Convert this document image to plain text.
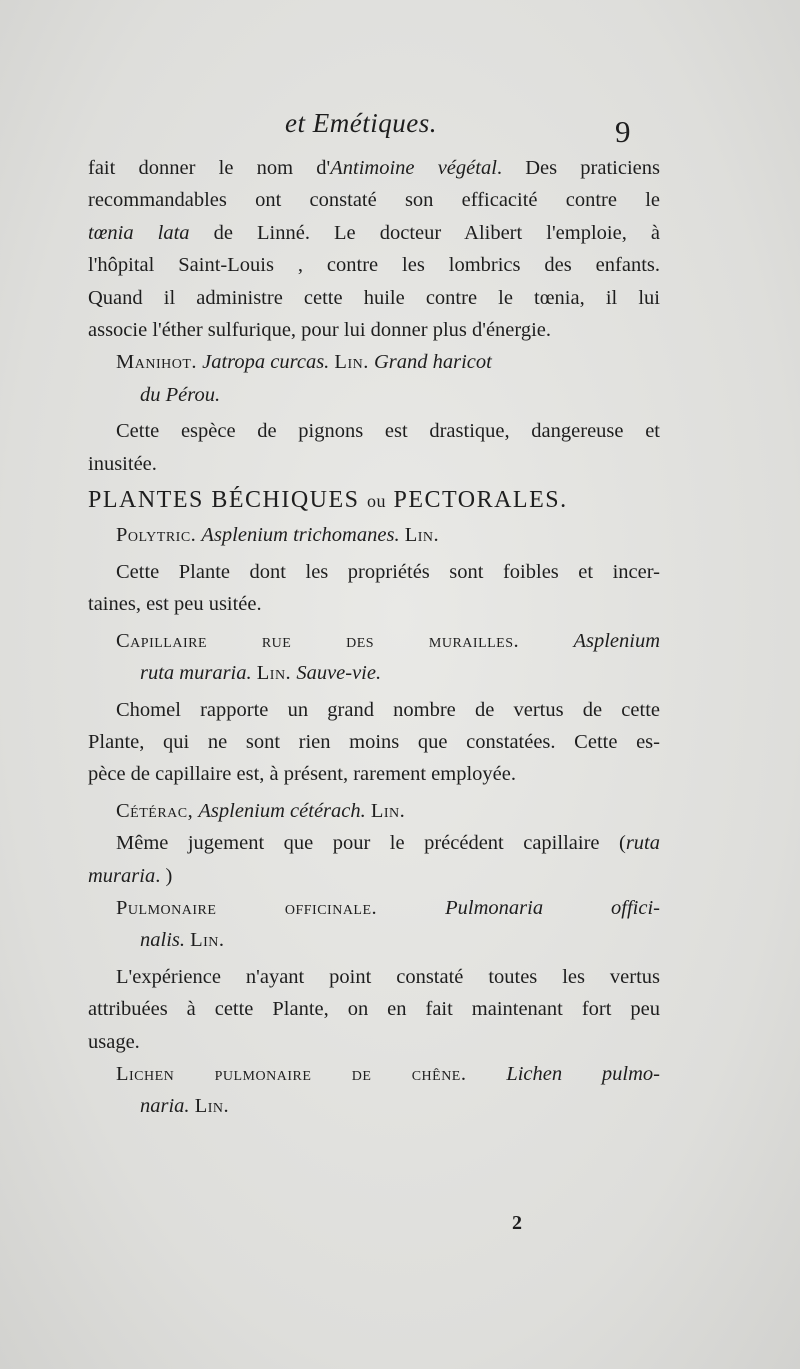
et Emétiques.	9
fait donner le nom d'Antimoine végétal. Des praticiens
recommandables ont constaté son efficacité contre le
tœnia lata de Linné. Le docteur Alibert l'emploie, à
l'hôpital Saint-Louis , contre les lombrics des enfants.
Quand il administre cette huile contre le tœnia, il lui
associe l'éther sulfurique, pour lui donner plus d'énergie.
Manihot. Jatropa curcas. Lin. Grand haricot
du Pérou.
Cette espèce de pignons est drastique, dangereuse et
inusitée.
PLANTES BÉCHIQUES ou PECTORALES.
Polytric. Asplenium trichomanes. Lin.
Cette Plante dont les propriétés sont foibles et incer-
taines, est peu usitée.
Capillaire rue des murailles.	Asplenium
ruta muraria. Lin. Sauve-vie.
Chomel rapporte un grand nombre de vertus de cette
Plante, qui ne sont rien moins que constatées. Cette es-
pèce de capillaire est, à présent, rarement employée.
Cétérac, Asplenium cétérach. Lin.
Même jugement que pour le précédent capillaire (ruta
muraria. )
Pulmonaire officinale.	Pulmonaria offici-
nalis. Lin.
L'expérience n'ayant point constaté toutes les vertus
attribuées à cette Plante, on en fait maintenant fort peu
usage.
Lichen pulmonaire de chêne. Lichen pulmo-
naria. Lin.
2
